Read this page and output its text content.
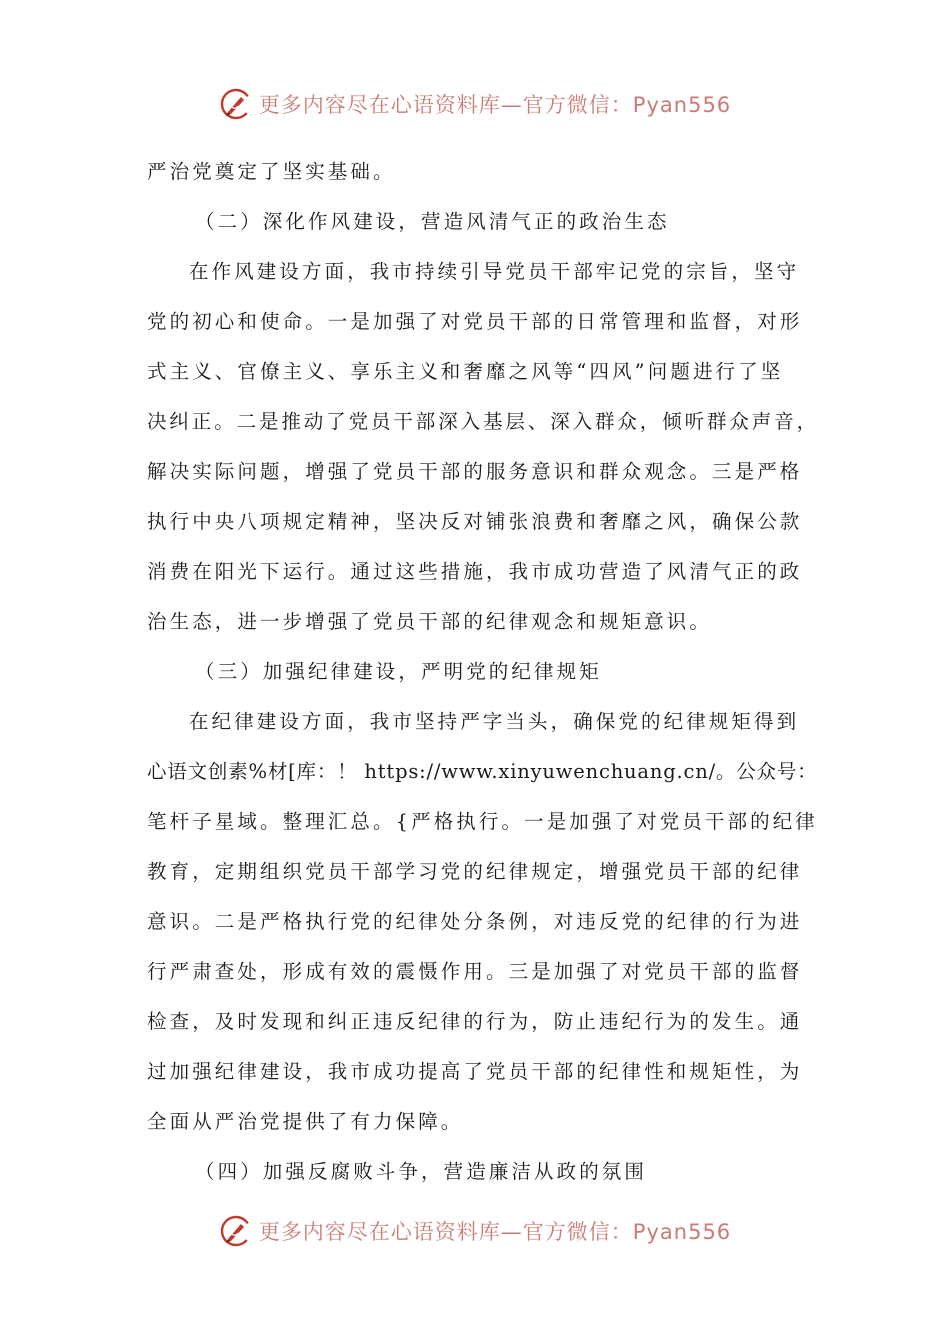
更多内容尽在心语资料库—官方微信：Pyan556
严治党奠定了坚实基础。
（二）深化作风建设，营造风清气正的政治生态
在作风建设方面，我市持续引导党员干部牢记党的宗旨，坚守
党的初心和使命。一是加强了对党员干部的日常管理和监督，对形
式主义、官僚主义、享乐主义和奢靡之风等“四风”问题进行了坚
决纠正。二是推动了党员干部深入基层、深入群众，倾听群众声音，
解决实际问题，增强了党员干部的服务意识和群众观念。三是严格
执行中央八项规定精神，坚决反对铺张浪费和奢靡之风，确保公款
消费在阳光下运行。通过这些措施，我市成功营造了风清气正的政
治生态，进一步增强了党员干部的纪律观念和规矩意识。
（三）加强纪律建设，严明党的纪律规矩
在纪律建设方面，我市坚持严字当头，确保党的纪律规矩得到
心语文创素%材[库：！ https://www.xinyuwenchuang.cn/。公众号：
笔杆子星域。整理汇总。{严格执行。一是加强了对党员干部的纪律
教育，定期组织党员干部学习党的纪律规定，增强党员干部的纪律
意识。二是严格执行党的纪律处分条例，对违反党的纪律的行为进
行严肃查处，形成有效的震慑作用。三是加强了对党员干部的监督
检查，及时发现和纠正违反纪律的行为，防止违纪行为的发生。通
过加强纪律建设，我市成功提高了党员干部的纪律性和规矩性，为
全面从严治党提供了有力保障。
（四）加强反腐败斗争，营造廉洁从政的氛围
更多内容尽在心语资料库—官方微信：Pyan556
